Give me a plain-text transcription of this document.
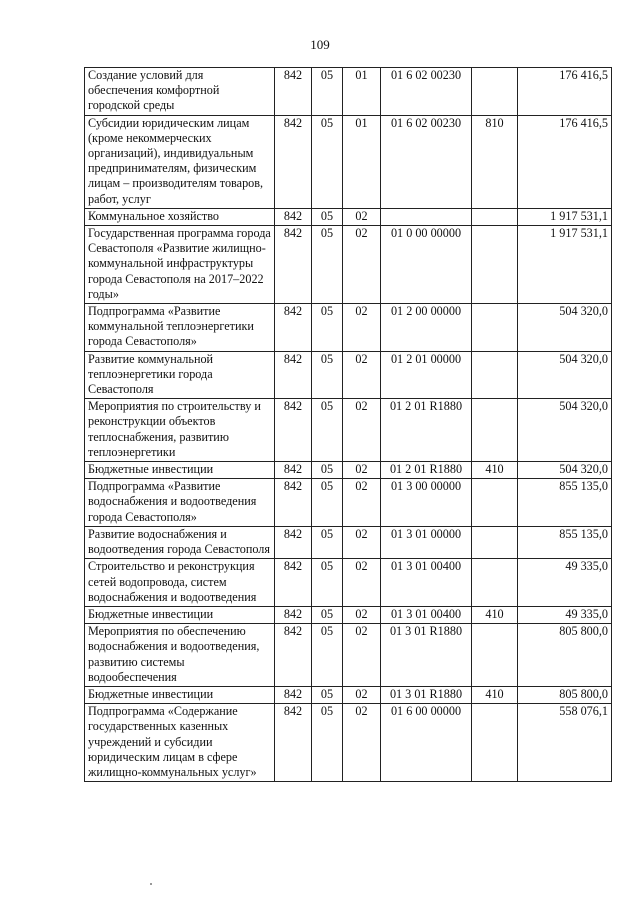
109
Создание условий для обеспечения комфортной городской среды	842	05	01	01 6 02 00230		176 416,5
Субсидии юридическим лицам (кроме некоммерческих организаций), индивидуальным предпринимателям, физическим лицам – производителям товаров, работ, услуг	842	05	01	01 6 02 00230	810	176 416,5
Коммунальное хозяйство	842	05	02			1 917 531,1
Государственная программа города Севастополя «Развитие жилищно-коммунальной инфраструктуры города Севастополя на 2017–2022 годы»	842	05	02	01 0 00 00000		1 917 531,1
Подпрограмма «Развитие коммунальной теплоэнергетики города Севастополя»	842	05	02	01 2 00 00000		504 320,0
Развитие коммунальной теплоэнергетики города Севастополя	842	05	02	01 2 01 00000		504 320,0
Мероприятия по строительству и реконструкции объектов теплоснабжения, развитию теплоэнергетики	842	05	02	01 2 01 R1880		504 320,0
Бюджетные инвестиции	842	05	02	01 2 01 R1880	410	504 320,0
Подпрограмма «Развитие водоснабжения и водоотведения города Севастополя»	842	05	02	01 3 00 00000		855 135,0
Развитие водоснабжения и водоотведения города Севастополя	842	05	02	01 3 01 00000		855 135,0
Строительство и реконструкция сетей водопровода, систем водоснабжения и водоотведения	842	05	02	01 3 01 00400		49 335,0
Бюджетные инвестиции	842	05	02	01 3 01 00400	410	49 335,0
Мероприятия по обеспечению водоснабжения и водоотведения, развитию системы водообеспечения	842	05	02	01 3 01 R1880		805 800,0
Бюджетные инвестиции	842	05	02	01 3 01 R1880	410	805 800,0
Подпрограмма «Содержание государственных казенных учреждений и субсидии юридическим лицам в сфере жилищно-коммунальных услуг»	842	05	02	01 6 00 00000		558 076,1
